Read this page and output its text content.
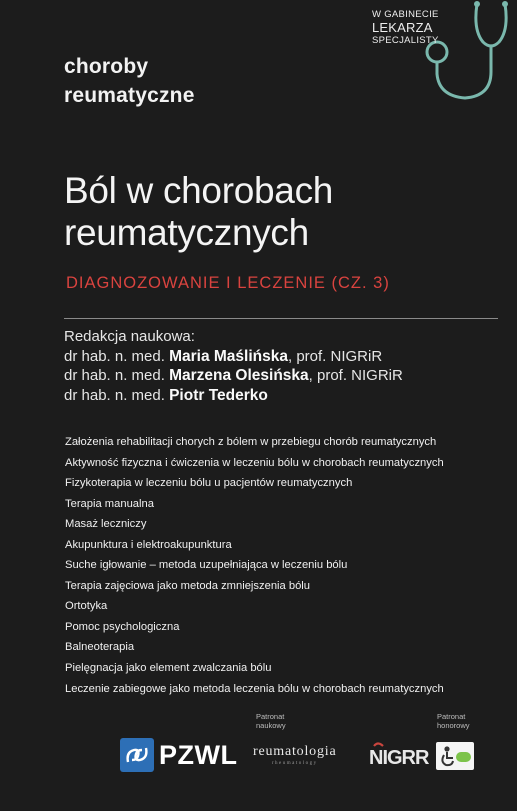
choroby
reumatyczne
W GABINECIE
LEKARZA
SPECJALISTY
Ból w chorobach
reumatycznych
DIAGNOZOWANIE I LECZENIE (CZ. 3)
Redakcja naukowa:
dr hab. n. med. Maria Maślińska, prof. NIGRiR
dr hab. n. med. Marzena Olesińska, prof. NIGRiR
dr hab. n. med. Piotr Tederko
Założenia rehabilitacji chorych z bólem w przebiegu chorób reumatycznych
Aktywność fizyczna i ćwiczenia w leczeniu bólu w chorobach reumatycznych
Fizykoterapia w leczeniu bólu u pacjentów reumatycznych
Terapia manualna
Masaż leczniczy
Akupunktura i elektroakupunktura
Suche igłowanie – metoda uzupełniająca w leczeniu bólu
Terapia zajęciowa jako metoda zmniejszenia bólu
Ortotyka
Pomoc psychologiczna
Balneoterapia
Pielęgnacja jako element zwalczania bólu
Leczenie zabiegowe jako metoda leczenia bólu w chorobach reumatycznych
Patronat
naukowy
Patronat
honorowy
PZWL reumatologia
rheumatology	NIGRR
